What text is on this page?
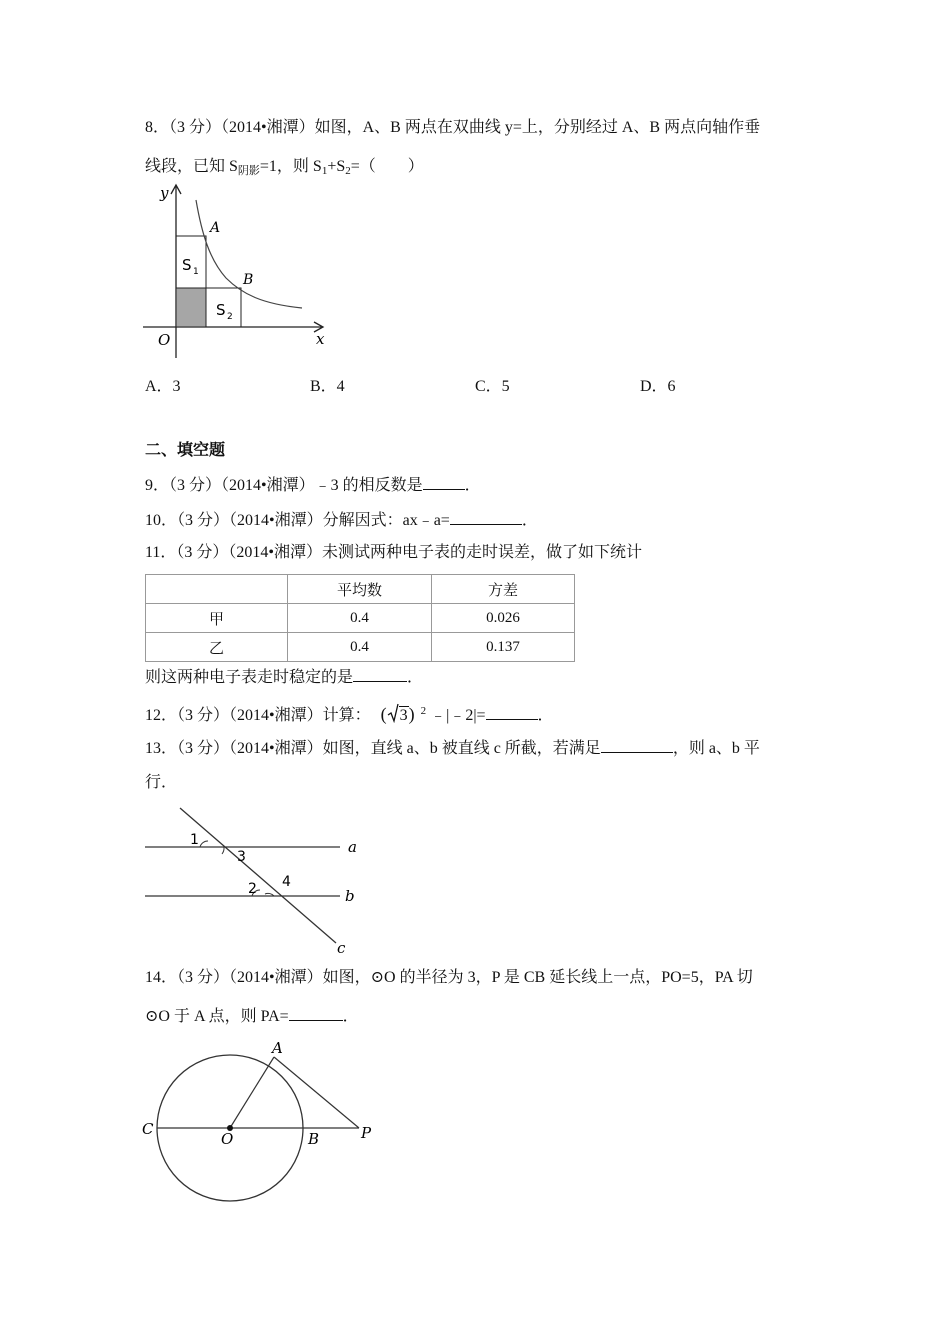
8．（3 分）（2014•湘潭）如图，A、B 两点在双曲线 y=上，分别经过 A、B 两点向轴作垂
线段，已知 $S_{阴影}=1$，则 $S_1+S_2=$（　　）
y
x
O
A
B
S 1
S 2
A．3	B．4	C．5	D．6
二、填空题
9．（3 分）（2014•湘潭）﹣3 的相反数是	．
10．（3 分）（2014•湘潭）分解因式：ax﹣a=	．
11．（3 分）（2014•湘潭）未测试两种电子表的走时误差，做了如下统计
	平均数	方差
甲	0.4	0.026
乙	0.4	0.137
则这两种电子表走时稳定的是	．
12．（3 分）（2014•湘潭）计算： ( 3) $^2$ ﹣|﹣2|=	．
13．（3 分）（2014•湘潭）如图，直线 a、b 被直线 c 所截，若满足	，则 a、b 平
行．
1
3
2 4
a
b
c
14．（3 分）（2014•湘潭）如图，⊙O 的半径为 3，P 是 CB 延长线上一点，PO=5，PA 切
⊙O 于 A 点，则 PA=	．
A
C
O	B	P
